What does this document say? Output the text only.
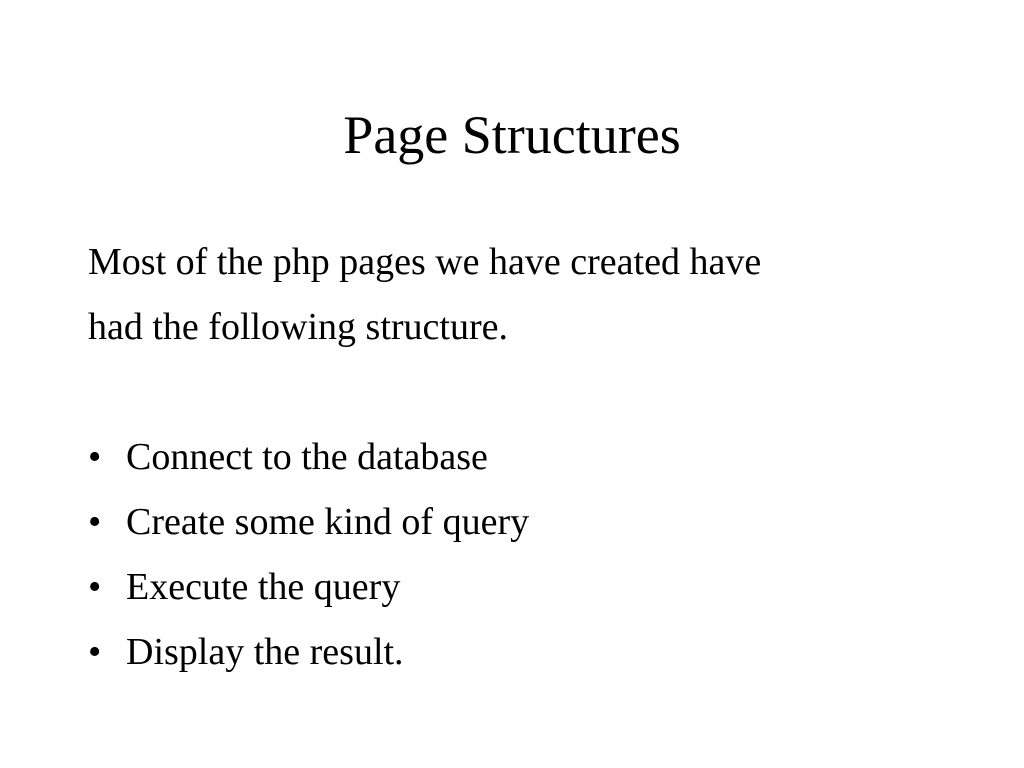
Page Structures

Most of the php pages we have created have

had the following structure.

• Connect to the database
• Create some kind of query
• Execute the query
• Display the result.
